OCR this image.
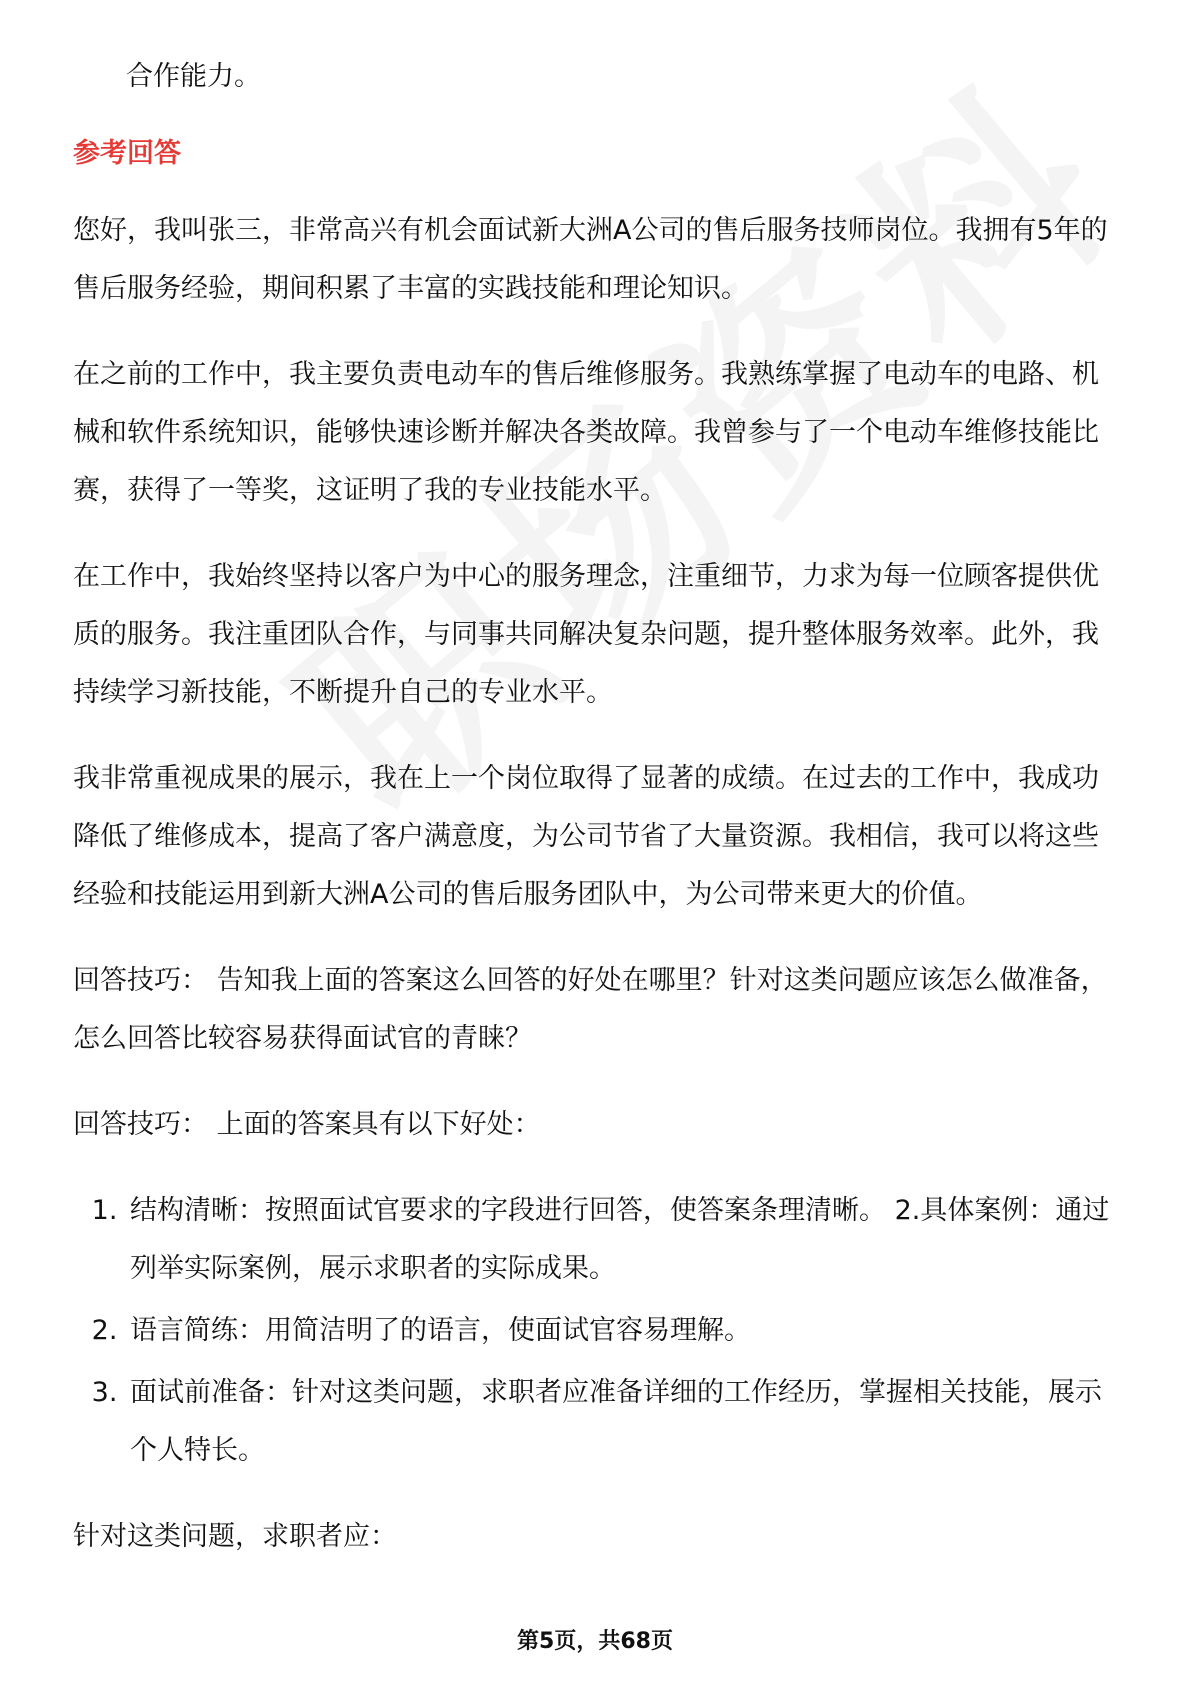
合作能力。
参考回答

您好，我叫张三，非常高兴有机会面试新大洲A公司的售后服务技师岗位。我拥有5年的售后服务经验，期间积累了丰富的实践技能和理论知识。

在之前的工作中，我主要负责电动车的售后维修服务。我熟练掌握了电动车的电路、机械和软件系统知识，能够快速诊断并解决各类故障。我曾参与了一个电动车维修技能比赛，获得了一等奖，这证明了我的专业技能水平。

在工作中，我始终坚持以客户为中心的服务理念，注重细节，力求为每一位顾客提供优质的服务。我注重团队合作，与同事共同解决复杂问题，提升整体服务效率。此外，我持续学习新技能，不断提升自己的专业水平。

我非常重视成果的展示，我在上一个岗位取得了显著的成绩。在过去的工作中，我成功降低了维修成本，提高了客户满意度，为公司节省了大量资源。我相信，我可以将这些经验和技能运用到新大洲A公司的售后服务团队中，为公司带来更大的价值。

回答技巧： 告知我上面的答案这么回答的好处在哪里？针对这类问题应该怎么做准备，怎么回答比较容易获得面试官的青睐？

回答技巧： 上面的答案具有以下好处：

1. 结构清晰：按照面试官要求的字段进行回答，使答案条理清晰。 2.具体案例：通过列举实际案例，展示求职者的实际成果。
2. 语言简练：用简洁明了的语言，使面试官容易理解。
3. 面试前准备：针对这类问题，求职者应准备详细的工作经历，掌握相关技能，展示个人特长。

针对这类问题，求职者应：

第5页，共68页
